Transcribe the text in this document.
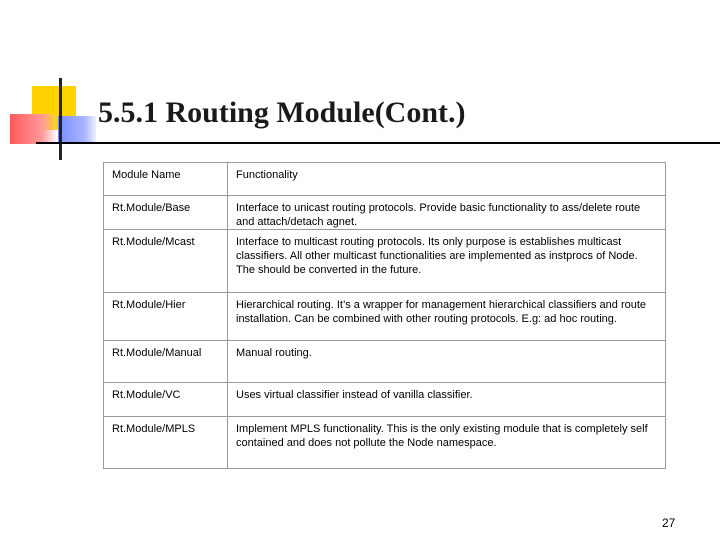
5.5.1 Routing Module(Cont.)
Module Name	Functionality
Rt.Module/Base	Interface to unicast routing protocols. Provide basic functionality to ass/delete route and attach/detach agnet.
Rt.Module/Mcast	Interface to multicast routing protocols. Its only purpose is establishes multicast classifiers. All other multicast functionalities are implemented as instprocs of Node. The should be converted in the future.
Rt.Module/Hier	Hierarchical routing. It’s a wrapper for management hierarchical classifiers and route installation. Can be combined with other routing protocols. E.g: ad hoc routing.
Rt.Module/Manual	Manual routing.
Rt.Module/VC	Uses virtual classifier instead of vanilla classifier.
Rt.Module/MPLS	Implement MPLS functionality. This is the only existing module that is completely self contained and does not pollute the Node namespace.
27
